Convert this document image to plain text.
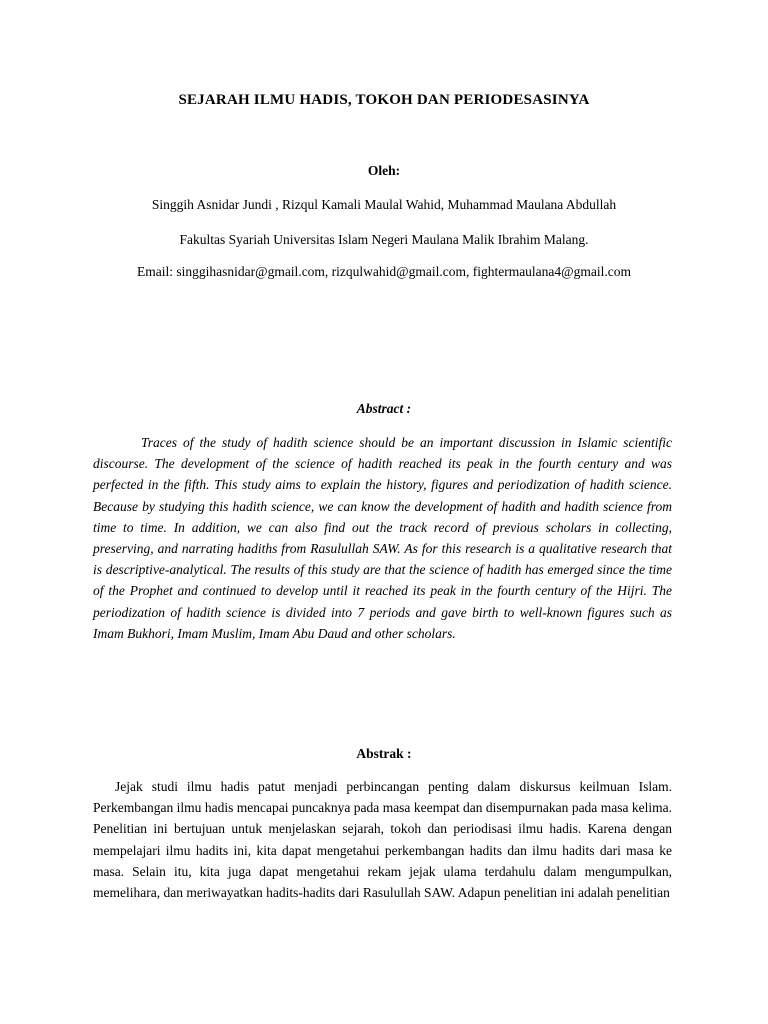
SEJARAH ILMU HADIS, TOKOH DAN PERIODESASINYA
Oleh:
Singgih Asnidar Jundi , Rizqul Kamali Maulal Wahid, Muhammad Maulana Abdullah
Fakultas Syariah Universitas Islam Negeri Maulana Malik Ibrahim Malang.
Email: singgihasnidar@gmail.com, rizqulwahid@gmail.com, fightermaulana4@gmail.com
Abstract :
Traces of the study of hadith science should be an important discussion in Islamic scientific discourse. The development of the science of hadith reached its peak in the fourth century and was perfected in the fifth. This study aims to explain the history, figures and periodization of hadith science. Because by studying this hadith science, we can know the development of hadith and hadith science from time to time. In addition, we can also find out the track record of previous scholars in collecting, preserving, and narrating hadiths from Rasulullah SAW. As for this research is a qualitative research that is descriptive-analytical. The results of this study are that the science of hadith has emerged since the time of the Prophet and continued to develop until it reached its peak in the fourth century of the Hijri. The periodization of hadith science is divided into 7 periods and gave birth to well-known figures such as Imam Bukhori, Imam Muslim, Imam Abu Daud and other scholars.
Abstrak :
Jejak studi ilmu hadis patut menjadi perbincangan penting dalam diskursus keilmuan Islam. Perkembangan ilmu hadis mencapai puncaknya pada masa keempat dan disempurnakan pada masa kelima. Penelitian ini bertujuan untuk menjelaskan sejarah, tokoh dan periodisasi ilmu hadis. Karena dengan mempelajari ilmu hadits ini, kita dapat mengetahui perkembangan hadits dan ilmu hadits dari masa ke masa. Selain itu, kita juga dapat mengetahui rekam jejak ulama terdahulu dalam mengumpulkan, memelihara, dan meriwayatkan hadits-hadits dari Rasulullah SAW. Adapun penelitian ini adalah penelitian
